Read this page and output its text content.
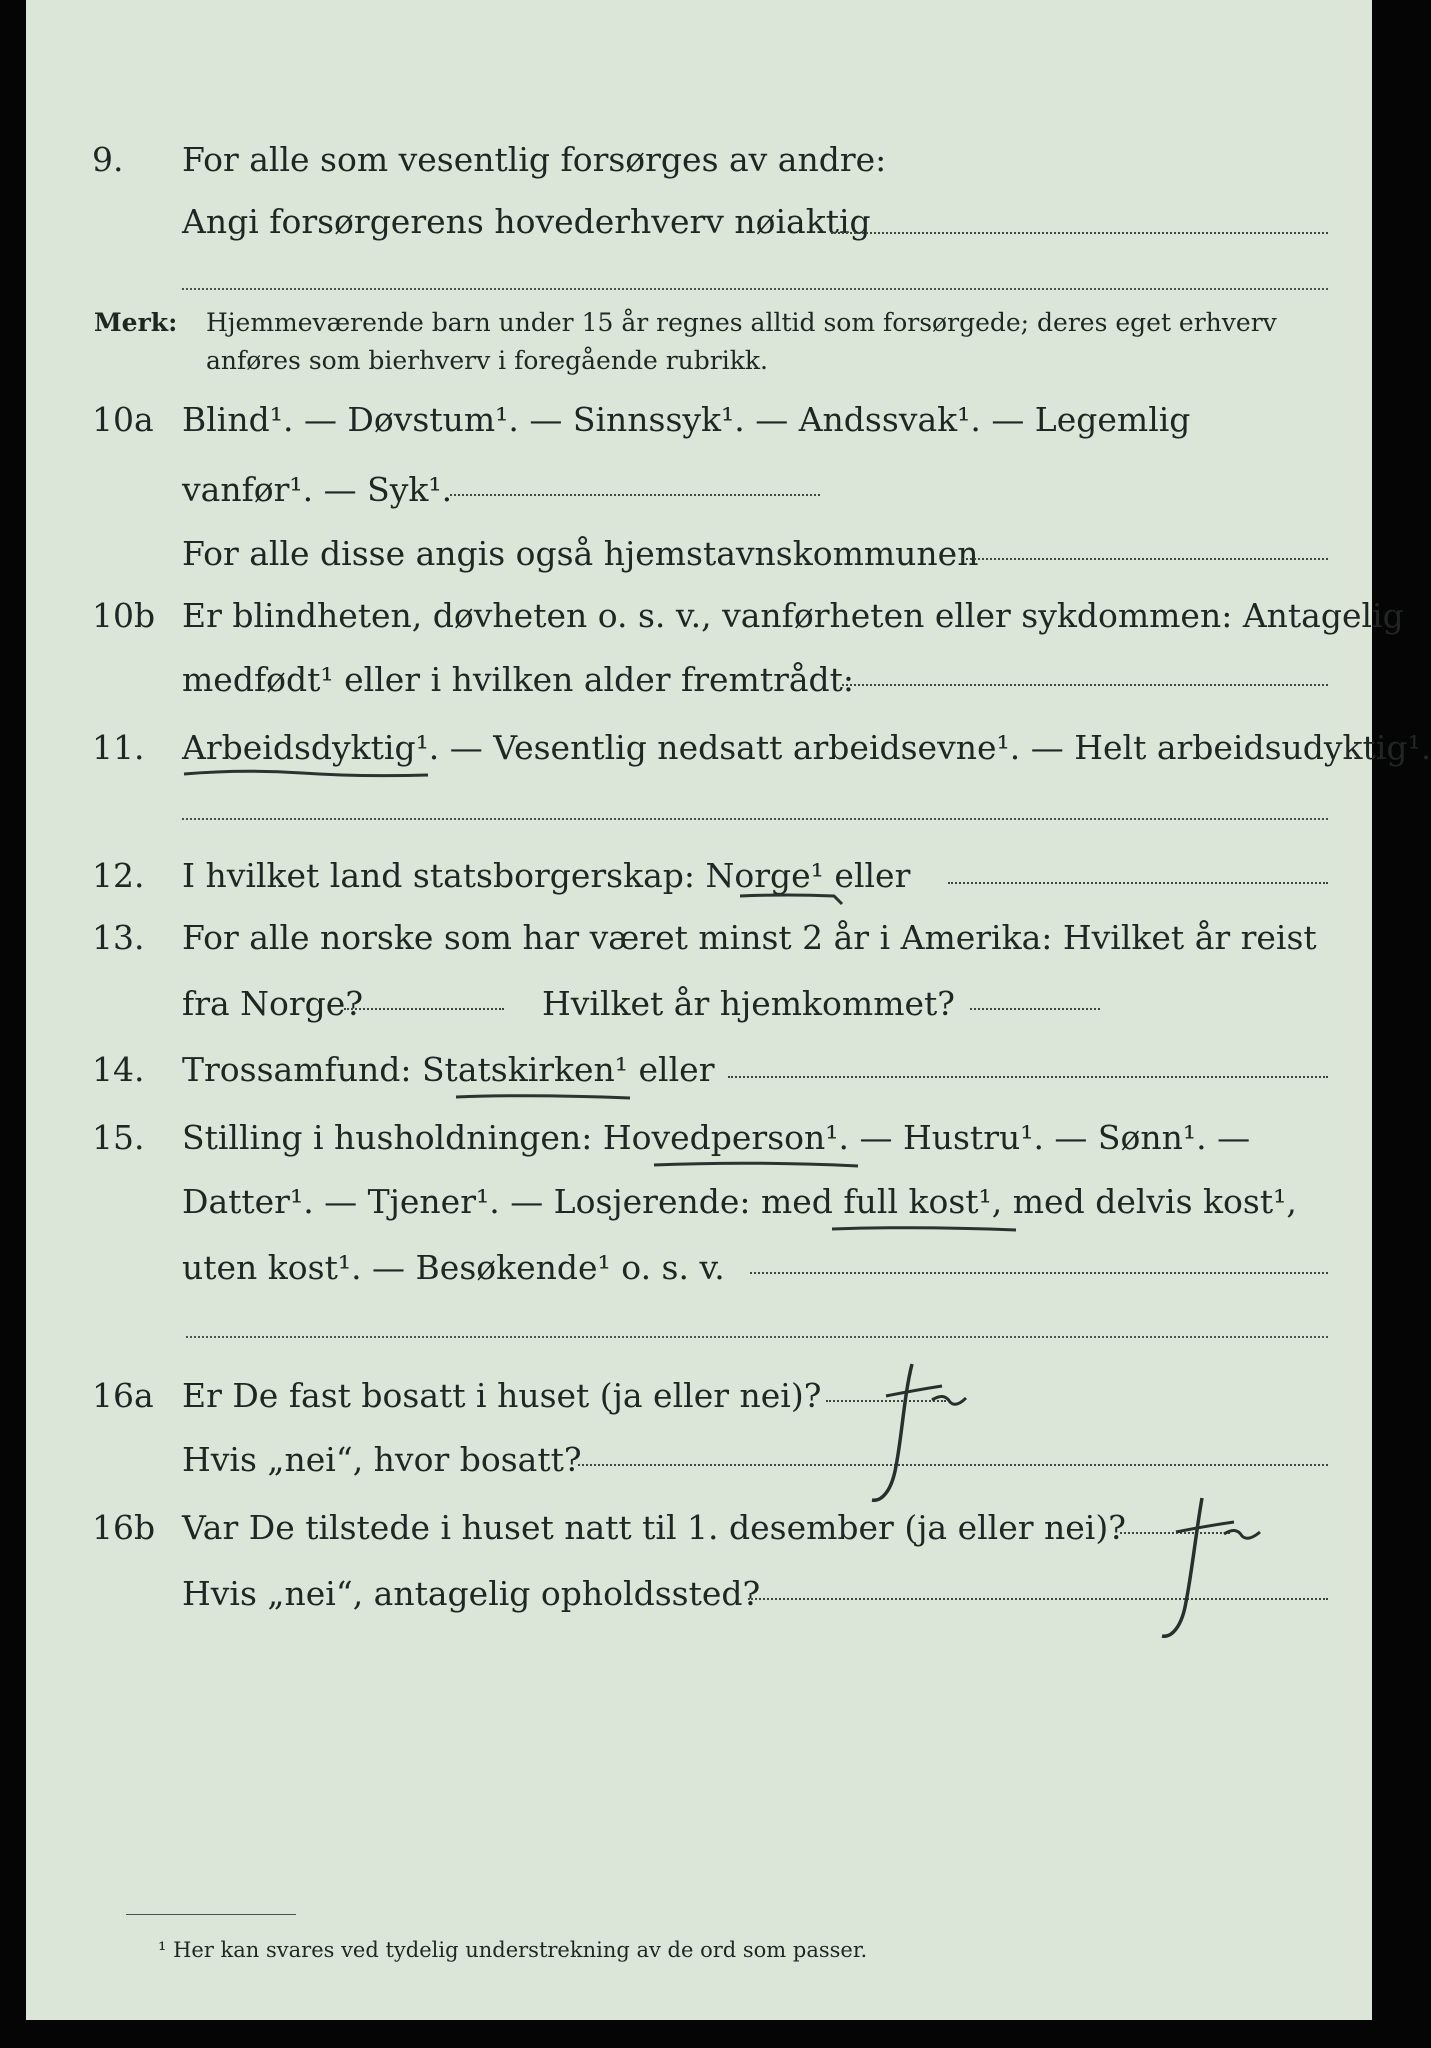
9. For alle som vesentlig forsørges av andre:
Angi forsørgerens hovederhverv nøiaktig
Merk: Hjemmeværende barn under 15 år regnes alltid som forsørgede; deres eget erhverv
anføres som bierhverv i foregående rubrikk.
10a Blind¹. — Døvstum¹. — Sinnssyk¹. — Andssvak¹. — Legemlig
vanfør¹. — Syk¹.
For alle disse angis også hjemstavnskommunen
10b Er blindheten, døvheten o. s. v., vanførheten eller sykdommen: Antagelig
medfødt¹ eller i hvilken alder fremtrådt:
11. Arbeidsdyktig¹. — Vesentlig nedsatt arbeidsevne¹. — Helt arbeidsudyktig¹.
12. I hvilket land statsborgerskap: Norge¹ eller
13. For alle norske som har været minst 2 år i Amerika: Hvilket år reist
fra Norge?	Hvilket år hjemkommet?
14. Trossamfund: Statskirken¹ eller
15. Stilling i husholdningen: Hovedperson¹. — Hustru¹. — Sønn¹. —
Datter¹. — Tjener¹. — Losjerende: med full kost¹, med delvis kost¹,
uten kost¹. — Besøkende¹ o. s. v.
16a Er De fast bosatt i huset (ja eller nei)?
Hvis „nei“, hvor bosatt?
Ja
16b Var De tilstede i huset natt til 1. desember (ja eller nei)?
Hvis „nei“, antagelig opholdssted?
Ja
¹ Her kan svares ved tydelig understrekning av de ord som passer.
